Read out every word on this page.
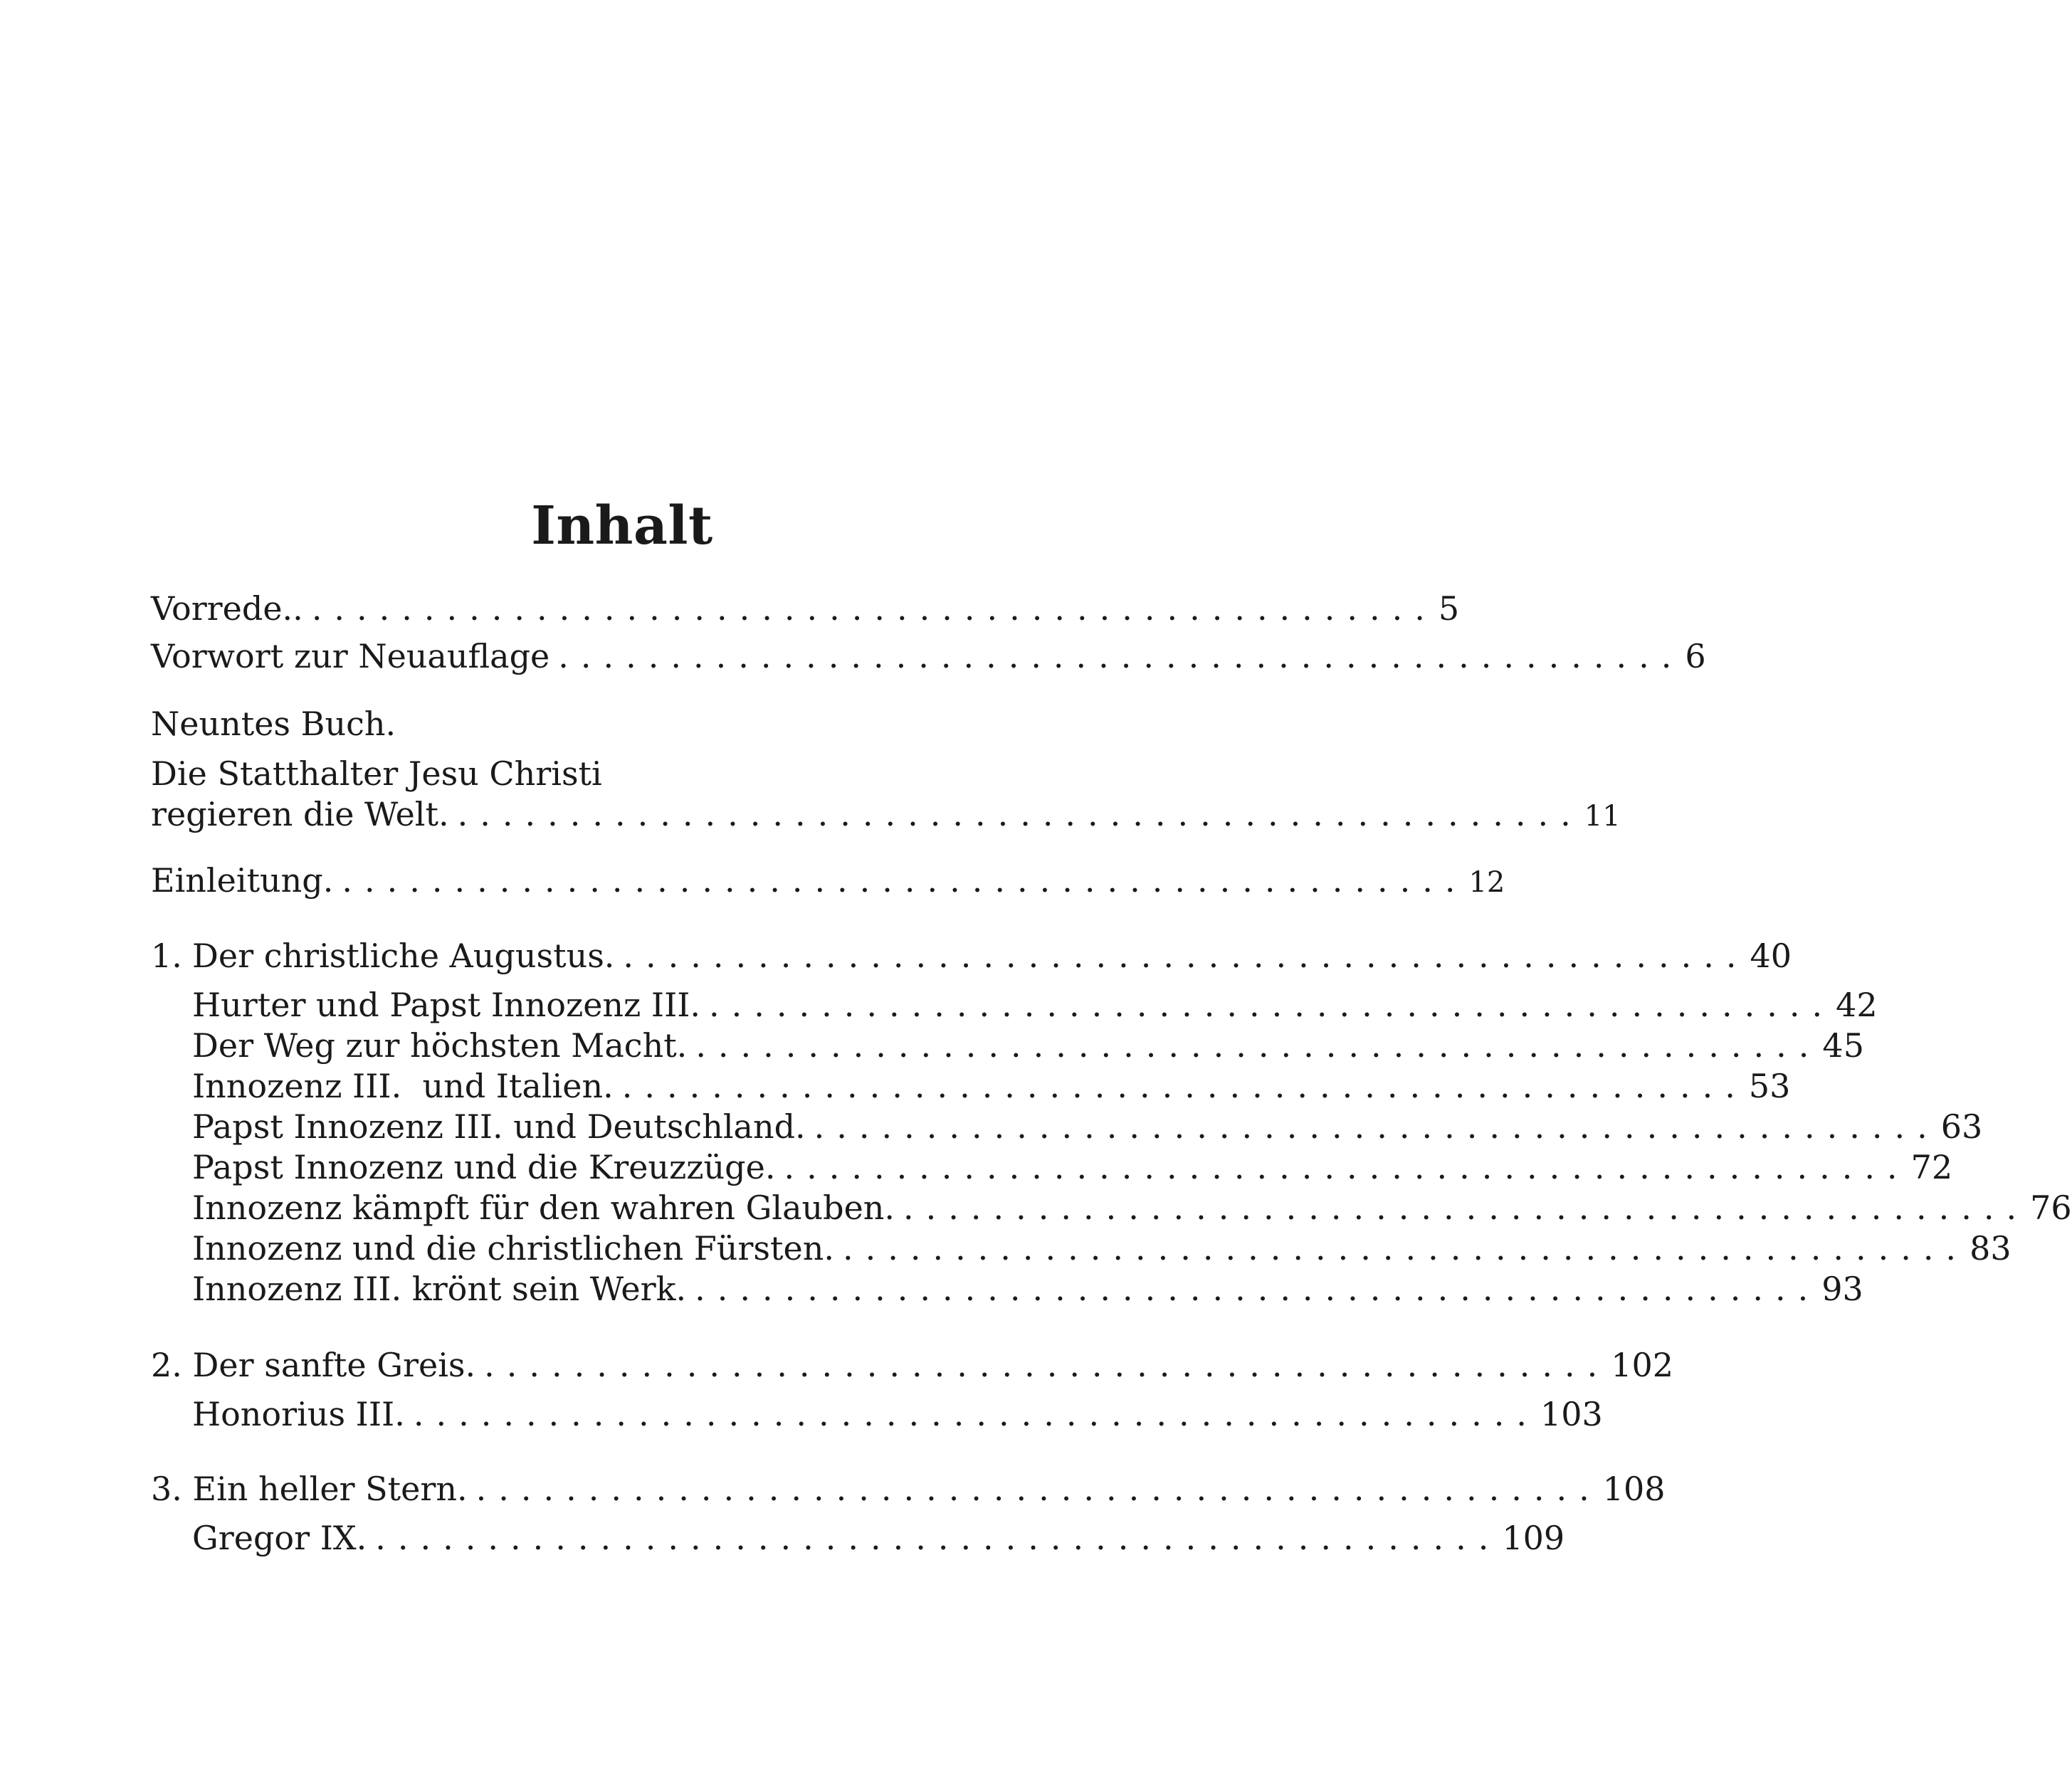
Inhalt
Vorrede.. .................................................. 5
Vorwort zur Neuauflage .................................................. 6
Neuntes Buch.
Die Statthalter Jesu Christi
regieren die Welt. .................................................. 11
Einleitung. .................................................. 12
1. Der christliche Augustus. .................................................. 40
Hurter und Papst Innozenz III. .................................................. 42
Der Weg zur höchsten Macht. .................................................. 45
Innozenz III.  und Italien. .................................................. 53
Papst Innozenz III. und Deutschland. .................................................. 63
Papst Innozenz und die Kreuzzüge. .................................................. 72
Innozenz kämpft für den wahren Glauben. .................................................. 76
Innozenz und die christlichen Fürsten. .................................................. 83
Innozenz III. krönt sein Werk. .................................................. 93
2. Der sanfte Greis. .................................................. 102
Honorius III. .................................................. 103
3. Ein heller Stern. .................................................. 108
Gregor IX. .................................................. 109
